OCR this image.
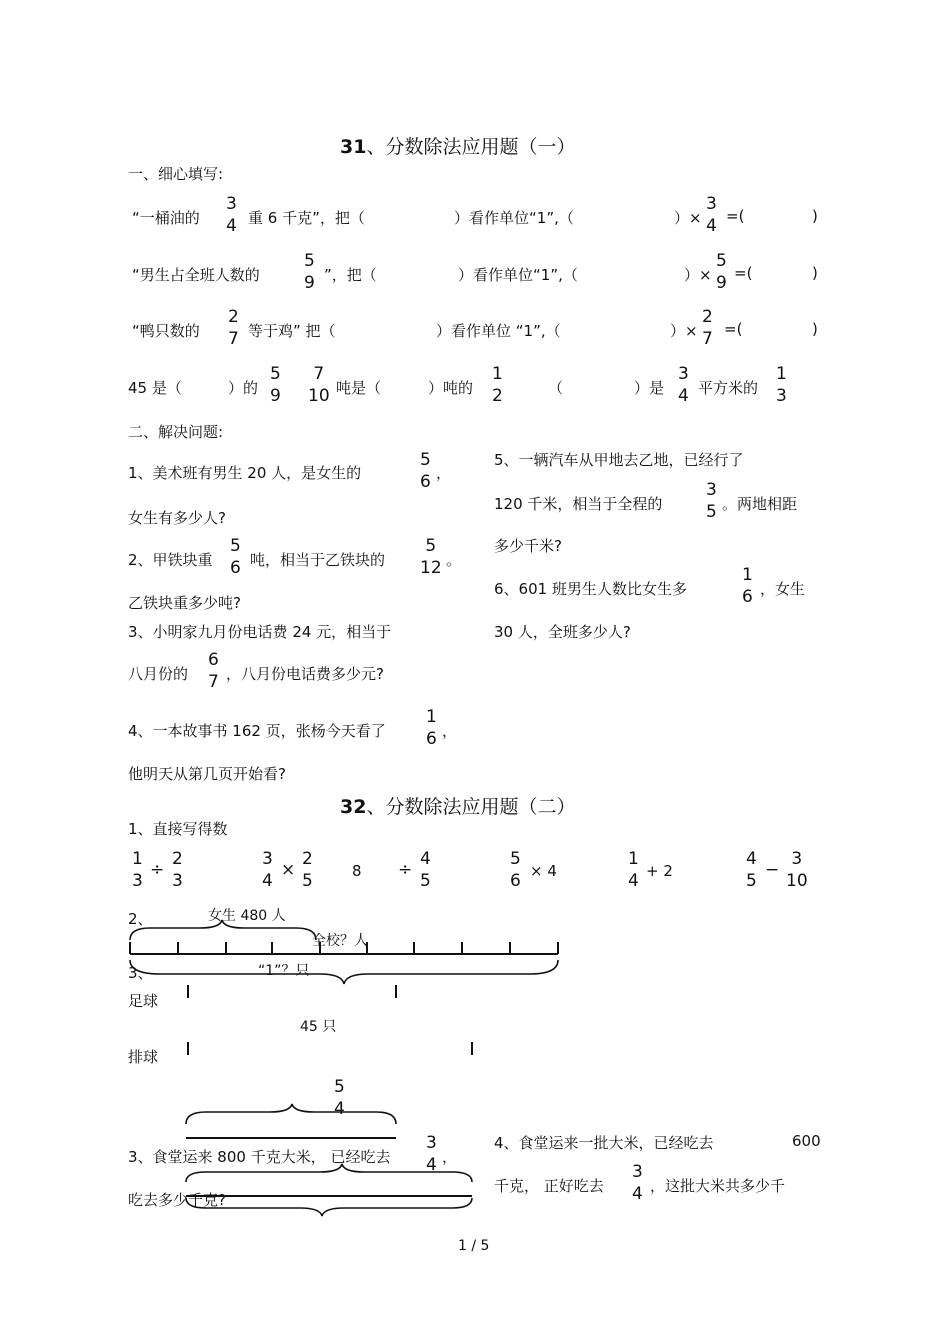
31、分数除法应用题（一）
一、细心填写:
“一桶油的
3
4 重 6 千克”，把（	）看作单位“1”,（	）×
3
4 =(	)
“男生占全班人数的
5
9 ”，把（	）看作单位“1”,（	）×
5
9 =(	)
“鸭只数的
2
7 等于鸡” 把（	）看作单位 “1”,（	）×
2
7 =(	)
45 是（	）的
5
9
7
10 吨是（	）吨的
1
2	（	）是
3
4 平方米的
1
3
二、解决问题:
1、美术班有男生 20 人，是女生的
5
6 ，
女生有多少人?
2、甲铁块重
5
6 吨，相当于乙铁块的
5
12 。
乙铁块重多少吨?
3、小明家九月份电话费 24 元，相当于
八月份的
6
7 ，八月份电话费多少元?
4、一本故事书 162 页，张杨今天看了
1
6 ，
他明天从第几页开始看?
5、一辆汽车从甲地去乙地，已经行了
120 千米，相当于全程的
3
5 。两地相距
多少千米?
6、601 班男生人数比女生多
1
6 ，女生
30 人，全班多少人?
32、分数除法应用题（二）
1、直接写得数
1
3
÷
2
3
3
4
×
2
5	8 ÷
4
5
5
6 × 4
1
4 + 2
4
5
−
3
10
2、	女生 480 人
全校？人
3、	“1”？只
足球
45 只
排球
5
4
3、食堂运来 800 千克大米， 已经吃去
3
4 ，
吃去多少千克?
4、食堂运来一批大米，已经吃去	600
千克， 正好吃去
3
4 ，这批大米共多少千
1 / 5
